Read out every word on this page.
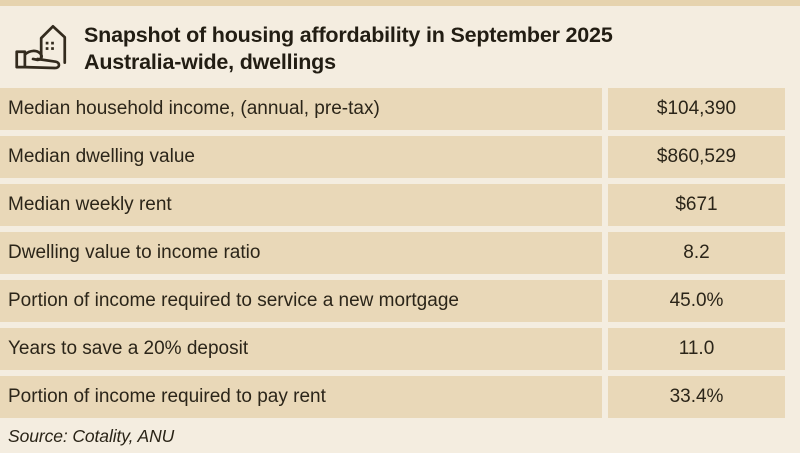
Snapshot of housing affordability in September 2025
Australia-wide, dwellings
Median household income, (annual, pre-tax)	$104,390
Median dwelling value	$860,529
Median weekly rent	$671
Dwelling value to income ratio	8.2
Portion of income required to service a new mortgage	45.0%
Years to save a 20% deposit	11.0
Portion of income required to pay rent	33.4%
Source: Cotality, ANU
